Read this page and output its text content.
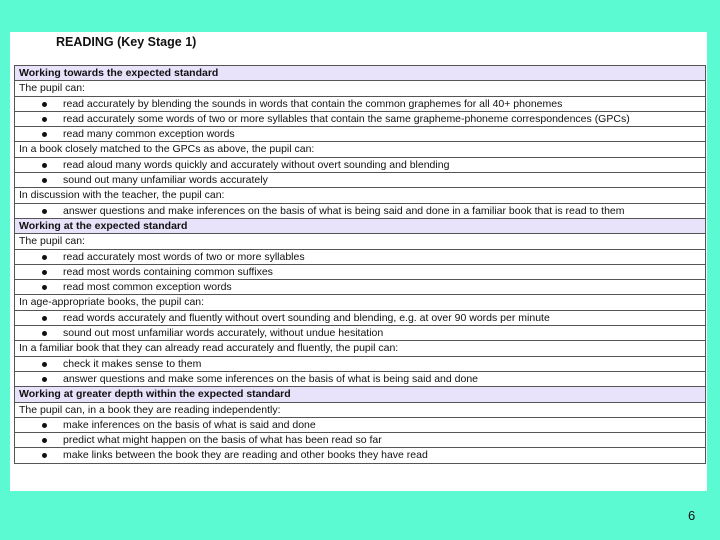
READING (Key Stage 1)
Working towards the expected standard
The pupil can:
read accurately by blending the sounds in words that contain the common graphemes for all 40+ phonemes
read accurately some words of two or more syllables that contain the same grapheme-phoneme correspondences (GPCs)
read many common exception words
In a book closely matched to the GPCs as above, the pupil can:
read aloud many words quickly and accurately without overt sounding and blending
sound out many unfamiliar words accurately
In discussion with the teacher, the pupil can:
answer questions and make inferences on the basis of what is being said and done in a familiar book that is read to them
Working at the expected standard
The pupil can:
read accurately most words of two or more syllables
read most words containing common suffixes
read most common exception words
In age-appropriate books, the pupil can:
read words accurately and fluently without overt sounding and blending, e.g. at over 90 words per minute
sound out most unfamiliar words accurately, without undue hesitation
In a familiar book that they can already read accurately and fluently, the pupil can:
check it makes sense to them
answer questions and make some inferences on the basis of what is being said and done
Working at greater depth within the expected standard
The pupil can, in a book they are reading independently:
make inferences on the basis of what is said and done
predict what might happen on the basis of what has been read so far
make links between the book they are reading and other books they have read
6
